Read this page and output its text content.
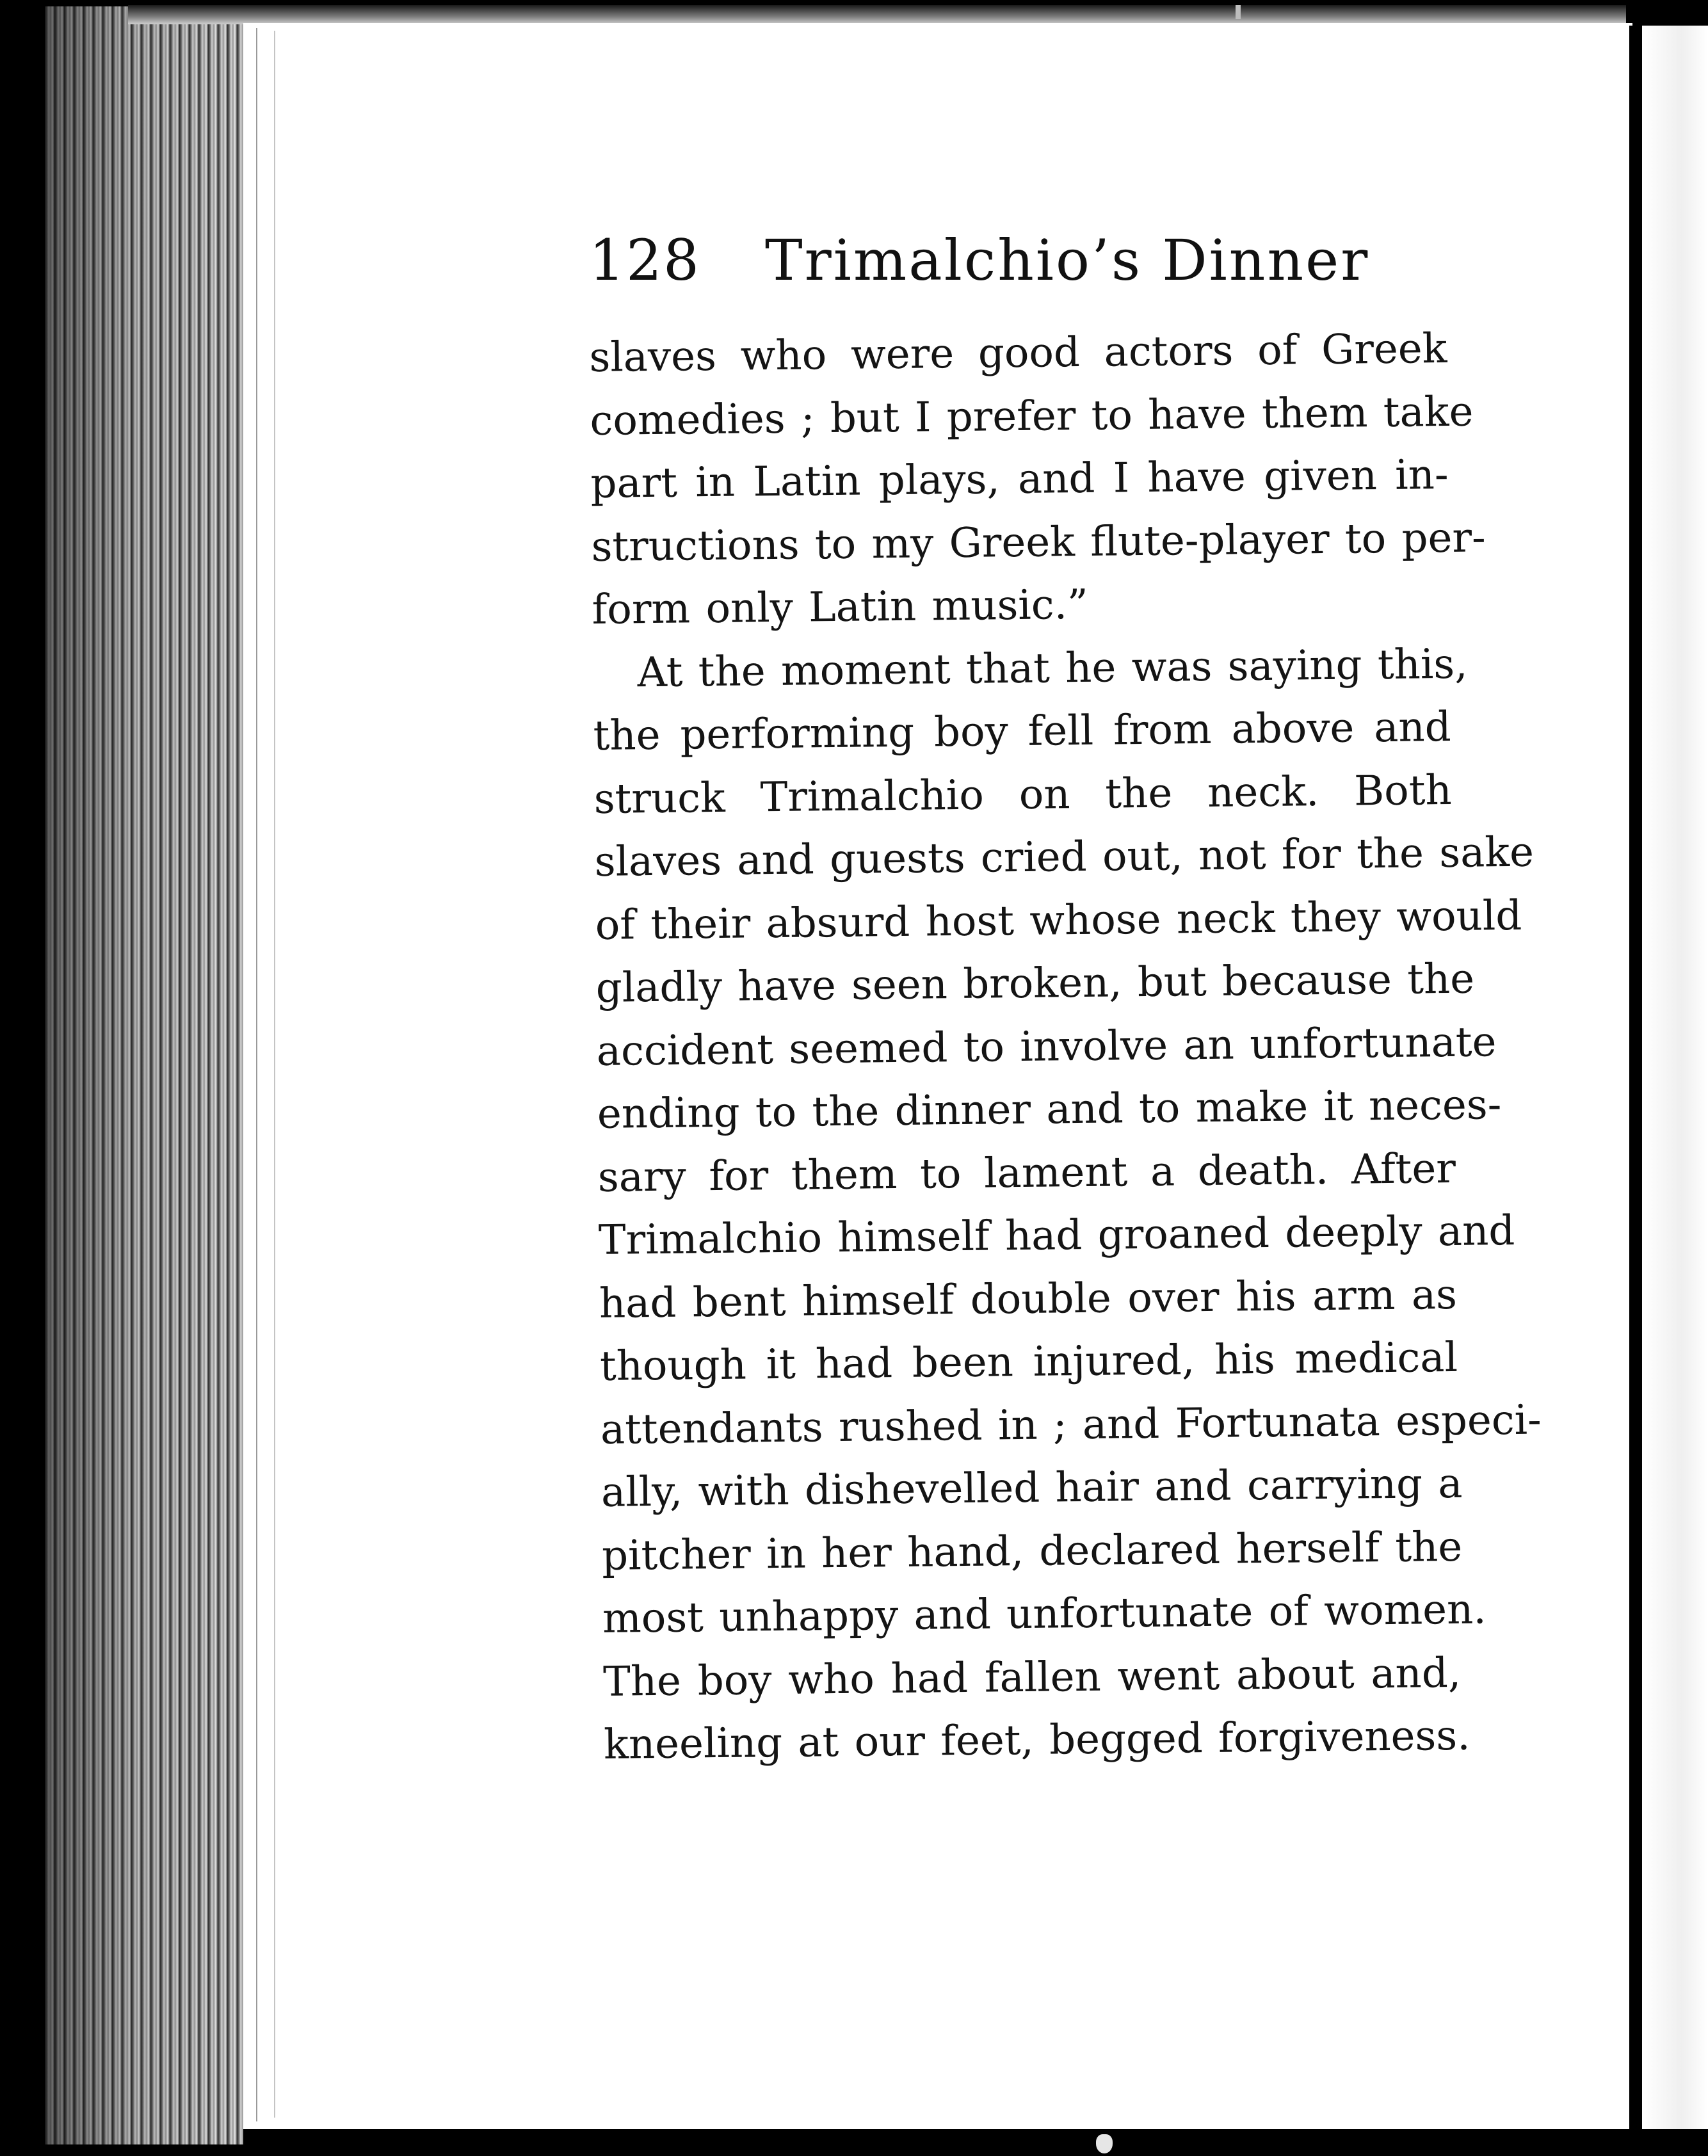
128 Trimalchio’s Dinner
slaves who were good actors of Greek
comedies ; but I prefer to have them take
part in Latin plays, and I have given in-
structions to my Greek flute-player to per-
form only Latin music.”
At the moment that he was saying this,
the performing boy fell from above and
struck Trimalchio on the neck. Both
slaves and guests cried out, not for the sake
of their absurd host whose neck they would
gladly have seen broken, but because the
accident seemed to involve an unfortunate
ending to the dinner and to make it neces-
sary for them to lament a death. After
Trimalchio himself had groaned deeply and
had bent himself double over his arm as
though it had been injured, his medical
attendants rushed in ; and Fortunata especi-
ally, with dishevelled hair and carrying a
pitcher in her hand, declared herself the
most unhappy and unfortunate of women.
The boy who had fallen went about and,
kneeling at our feet, begged forgiveness.
